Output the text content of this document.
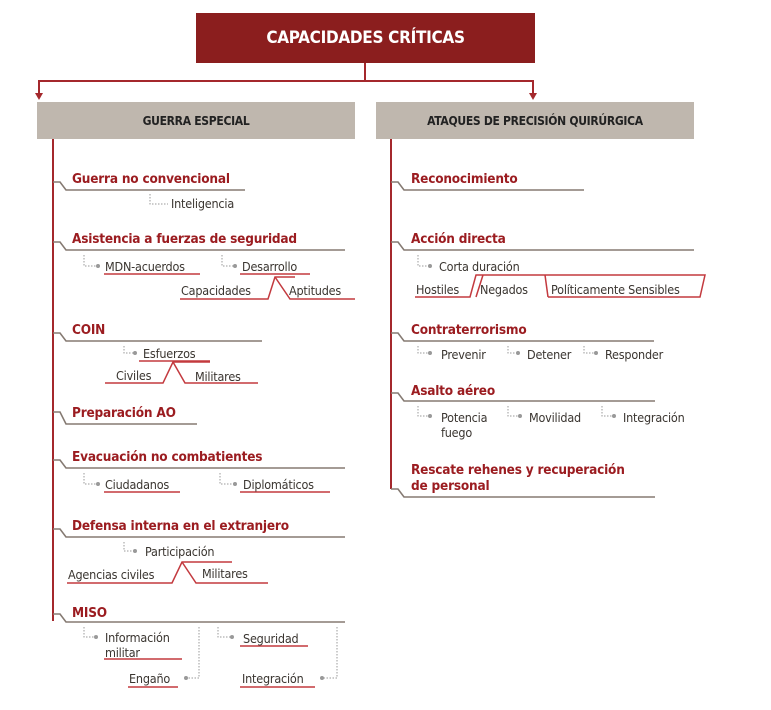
CAPACIDADES CRÍTICAS
GUERRA ESPECIAL	ATAQUES DE PRECISIÓN QUIRÚRGICA
Guerra no convencional
Inteligencia
Asistencia a fuerzas de seguridad
MDN-acuerdos	Desarrollo
Capacidades	Aptitudes
COIN
Esfuerzos
Civiles	Militares
Preparación AO
Evacuación no combatientes
Ciudadanos	Diplomáticos
Defensa interna en el extranjero
Participación
Agencias civiles	Militares
MISO
Información militar
Seguridad
Engaño	Integración
Reconocimiento
Acción directa
Corta duración
Hostiles Negados Políticamente Sensibles
Contraterrorismo
Prevenir	Detener	Responder
Asalto aéreo
Potencia fuego
Movilidad	Integración
Rescate rehenes y recuperación de personal
